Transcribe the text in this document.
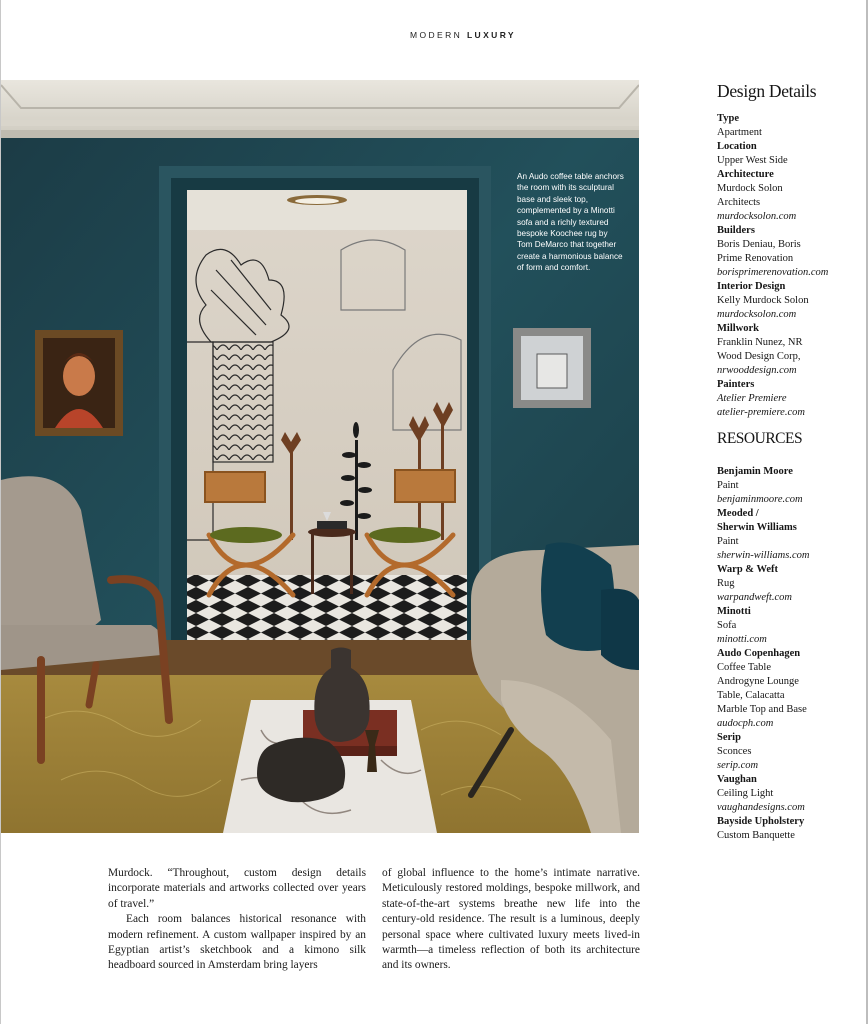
MODERN LUXURY
An Audo coffee table anchors the room with its sculptural base and sleek top, complemented by a Minotti sofa and a richly textured bespoke Koochee rug by Tom DeMarco that together create a harmonious balance of form and comfort.
Design Details
Type
Apartment
Location
Upper West Side
Architecture
Murdock Solon
Architects
murdocksolon.com
Builders
Boris Deniau, Boris
Prime Renovation
borisprimerenovation.com
Interior Design
Kelly Murdock Solon
murdocksolon.com
Millwork
Franklin Nunez, NR
Wood Design Corp,
nrwooddesign.com
Painters
Atelier Premiere
atelier-premiere.com
RESOURCES
Benjamin Moore
Paint
benjaminmoore.com
Meoded /
Sherwin Williams
Paint
sherwin-williams.com
Warp & Weft
Rug
warpandweft.com
Minotti
Sofa
minotti.com
Audo Copenhagen
Coffee Table
Androgyne Lounge
Table, Calacatta
Marble Top and Base
audocph.com
Serip
Sconces
serip.com
Vaughan
Ceiling Light
vaughandesigns.com
Bayside Upholstery
Custom Banquette

Murdock. “Throughout, custom design details incorporate materials and artworks collected over years of travel.”

Each room balances historical resonance with modern refinement. A custom wallpaper inspired by an Egyptian artist’s sketchbook and a kimono silk headboard sourced in Amsterdam bring layers

of global influence to the home’s intimate narrative. Meticulously restored moldings, bespoke millwork, and state-of-the-art systems breathe new life into the century-old residence. The result is a luminous, deeply personal space where cultivated luxury meets lived-in warmth—a timeless reflection of both its architecture and its owners.
